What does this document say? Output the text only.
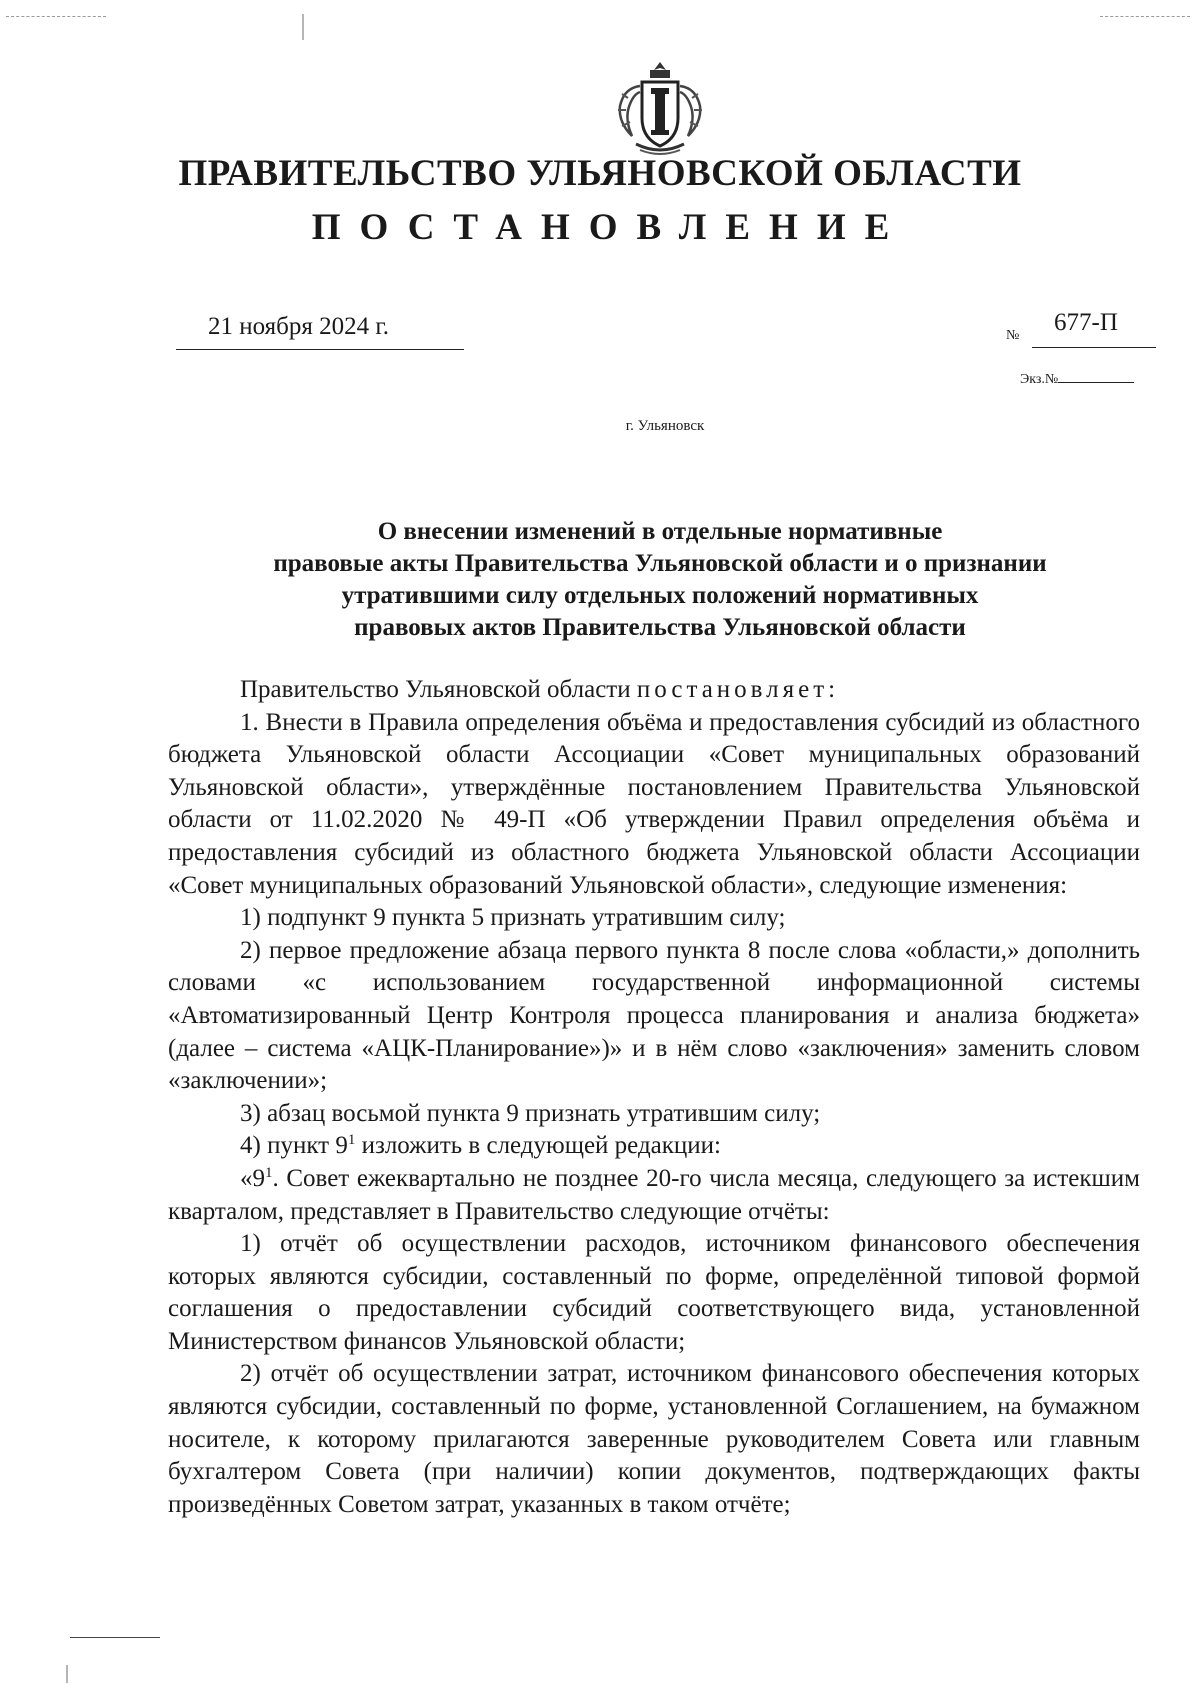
ПРАВИТЕЛЬСТВО УЛЬЯНОВСКОЙ ОБЛАСТИ
ПОСТАНОВЛЕНИЕ
21 ноября 2024 г.	№	677-П
Экз.№
г. Ульяновск
О внесении изменений в отдельные нормативные
правовые акты Правительства Ульяновской области и о признании
утратившими силу отдельных положений нормативных
правовых актов Правительства Ульяновской области

Правительство Ульяновской области постановляет:

1. Внести в Правила определения объёма и предоставления субсидий из областного бюджета Ульяновской области Ассоциации «Совет муниципальных образований Ульяновской области», утверждённые постановлением Правительства Ульяновской области от 11.02.2020 № 49-П «Об утверждении Правил определения объёма и предоставления субсидий из областного бюджета Ульяновской области Ассоциации «Совет муниципальных образований Ульяновской области», следующие изменения:

1) подпункт 9 пункта 5 признать утратившим силу;

2) первое предложение абзаца первого пункта 8 после слова «области,» дополнить словами «с использованием государственной информационной системы «Автоматизированный Центр Контроля процесса планирования и анализа бюджета» (далее – система «АЦК-Планирование»)» и в нём слово «заключения» заменить словом «заключении»;

3) абзац восьмой пункта 9 признать утратившим силу;

4) пункт $9^1$ изложить в следующей редакции:

«$9^1$. Совет ежеквартально не позднее 20-го числа месяца, следующего за истекшим кварталом, представляет в Правительство следующие отчёты:

1) отчёт об осуществлении расходов, источником финансового обеспечения которых являются субсидии, составленный по форме, определённой типовой формой соглашения о предоставлении субсидий соответствующего вида, установленной Министерством финансов Ульяновской области;

2) отчёт об осуществлении затрат, источником финансового обеспечения которых являются субсидии, составленный по форме, установленной Соглашением, на бумажном носителе, к которому прилагаются заверенные руководителем Совета или главным бухгалтером Совета (при наличии) копии документов, подтверждающих факты произведённых Советом затрат, указанных в таком отчёте;
